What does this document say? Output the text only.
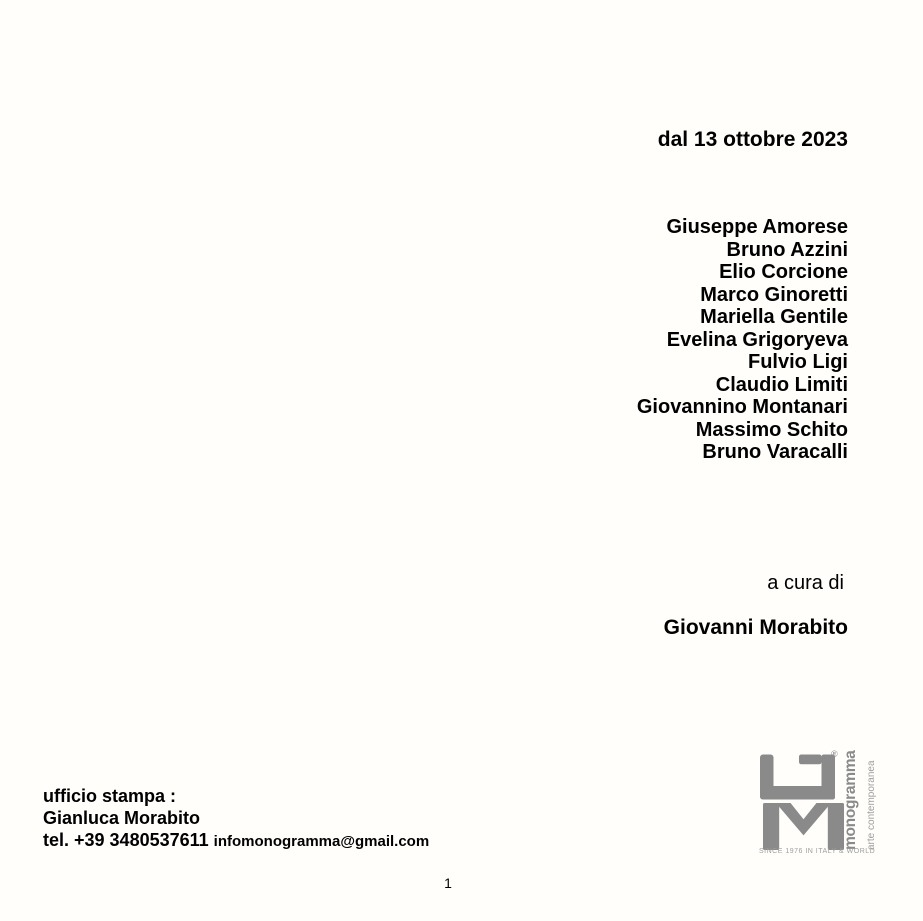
dal 13 ottobre 2023
Giuseppe Amorese
Bruno Azzini
Elio Corcione
Marco Ginoretti
Mariella Gentile
Evelina Grigoryeva
Fulvio Ligi
Claudio Limiti
Giovannino Montanari
Massimo Schito
Bruno Varacalli
a cura di
Giovanni Morabito
ufficio stampa :
Gianluca Morabito
tel. +39 3480537611 infomonogramma@gmail.com
® monogramma arte contemporanea
SINCE 1976 IN ITALY & WORLD
1
